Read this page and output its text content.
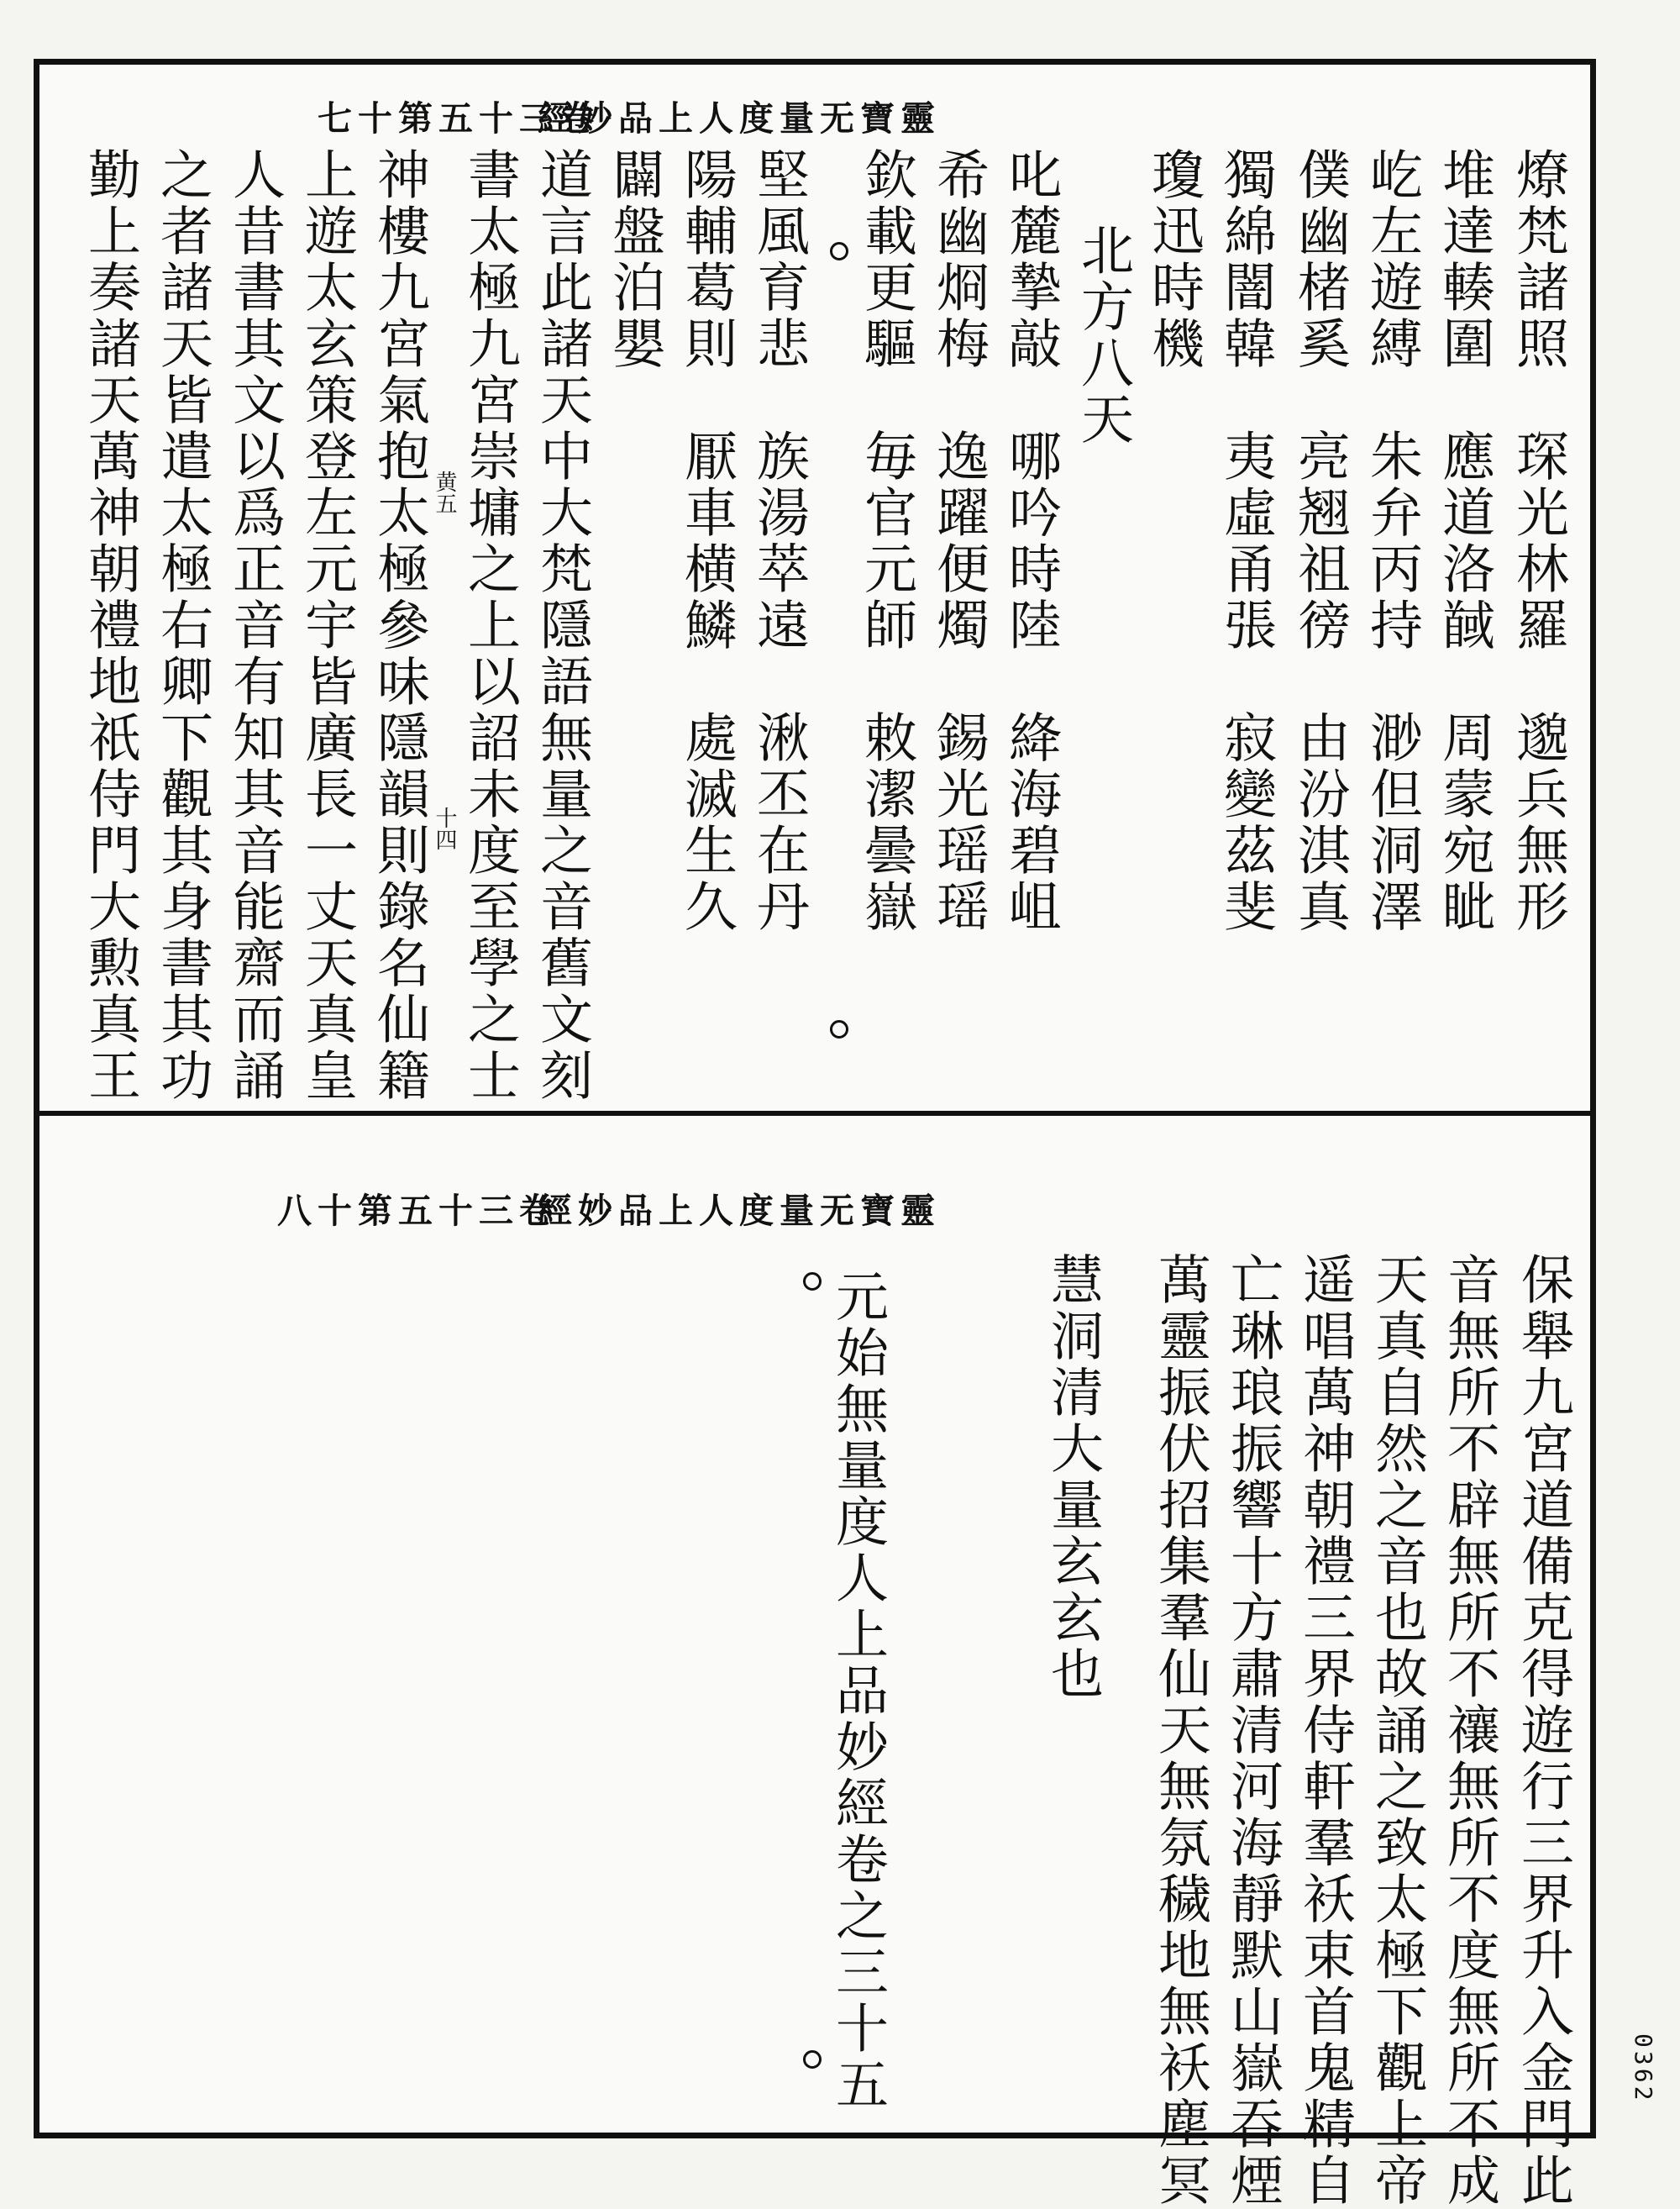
靈寶无量度人上品妙經
卷三十五第十七
燎梵諸照　琛光林羅　邈兵無形
堆達輳圍　應道洛馘　周蒙宛眦
屹左遊縛　朱弁丙持　渺但洞澤
僕幽楮奚　亮翘祖徬　由汾淇真
獨綿闇韓　夷虛甬張　寂變茲斐
瓊迅時機
北方八天
叱麓摯敲　哪吟時陸　絳海碧岨
希幽烱梅　逸躍便燭　錫光瑶瑶
欽載更驅　毎官元師　敕潔曇嶽
堅風育悲　族湯萃遠　湫丕在丹
陽輔葛則　厭車横鱗　處滅生久
闢盤泊嬰
道言此諸天中大梵隱語無量之音舊文刻
書太極九宮崇墉之上以詔未度至學之士
神樓九宮氣抱太極參味隱韻則錄名仙籍
上遊太玄策登左元宇皆廣長一丈天真皇
人昔書其文以爲正音有知其音能齋而誦
之者諸天皆遣太極右卿下觀其身書其功
勤上奏諸天萬神朝禮地祇侍門大勲真王	黄五
十四
靈寶无量度人上品妙經
卷三十五第十八
保舉九宮道備克得遊行三界升入金門此
音無所不辟無所不禳無所不度無所不成
天真自然之音也故誦之致太極下觀上帝
遥唱萬神朝禮三界侍軒羣袄束首鬼精自
亡琳琅振響十方肅清河海靜默山嶽吞煙
萬靈振伏招集羣仙天無氛穢地無袄塵冥
慧洞清大量玄玄也
元始無量度人上品妙經卷之三十五	0362
